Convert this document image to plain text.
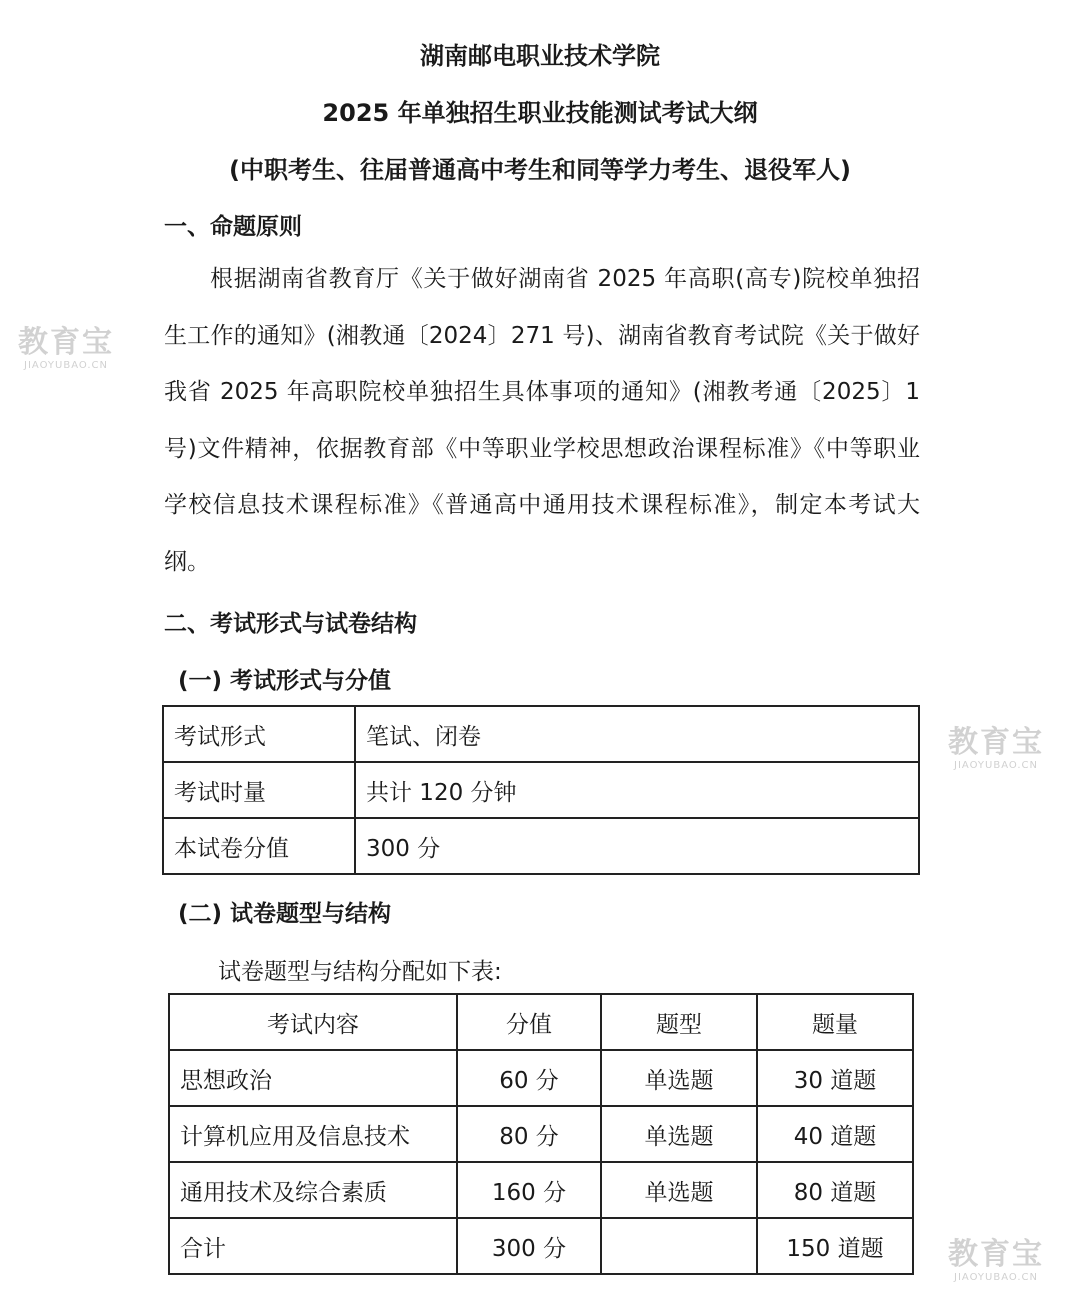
湖南邮电职业技术学院
2025 年单独招生职业技能测试考试大纲
(中职考生、往届普通高中考生和同等学力考生、退役军人)
一、命题原则
根据湖南省教育厅《关于做好湖南省 2025 年高职(高专)院校单独招生工作的通知》(湘教通〔2024〕271 号)、湖南省教育考试院《关于做好我省 2025 年高职院校单独招生具体事项的通知》(湘教考通〔2025〕1 号)文件精神，依据教育部《中等职业学校思想政治课程标准》《中等职业学校信息技术课程标准》《普通高中通用技术课程标准》，制定本考试大纲。
二、考试形式与试卷结构
(一) 考试形式与分值
考试形式	笔试、闭卷
考试时量	共计 120 分钟
本试卷分值	300 分
(二) 试卷题型与结构
试卷题型与结构分配如下表:
考试内容	分值	题型	题量
思想政治	60 分	单选题	30 道题
计算机应用及信息技术	80 分	单选题	40 道题
通用技术及综合素质	160 分	单选题	80 道题
合计	300 分		150 道题
教育宝
JIAOYUBAO.CN
教育宝
JIAOYUBAO.CN
教育宝
JIAOYUBAO.CN
